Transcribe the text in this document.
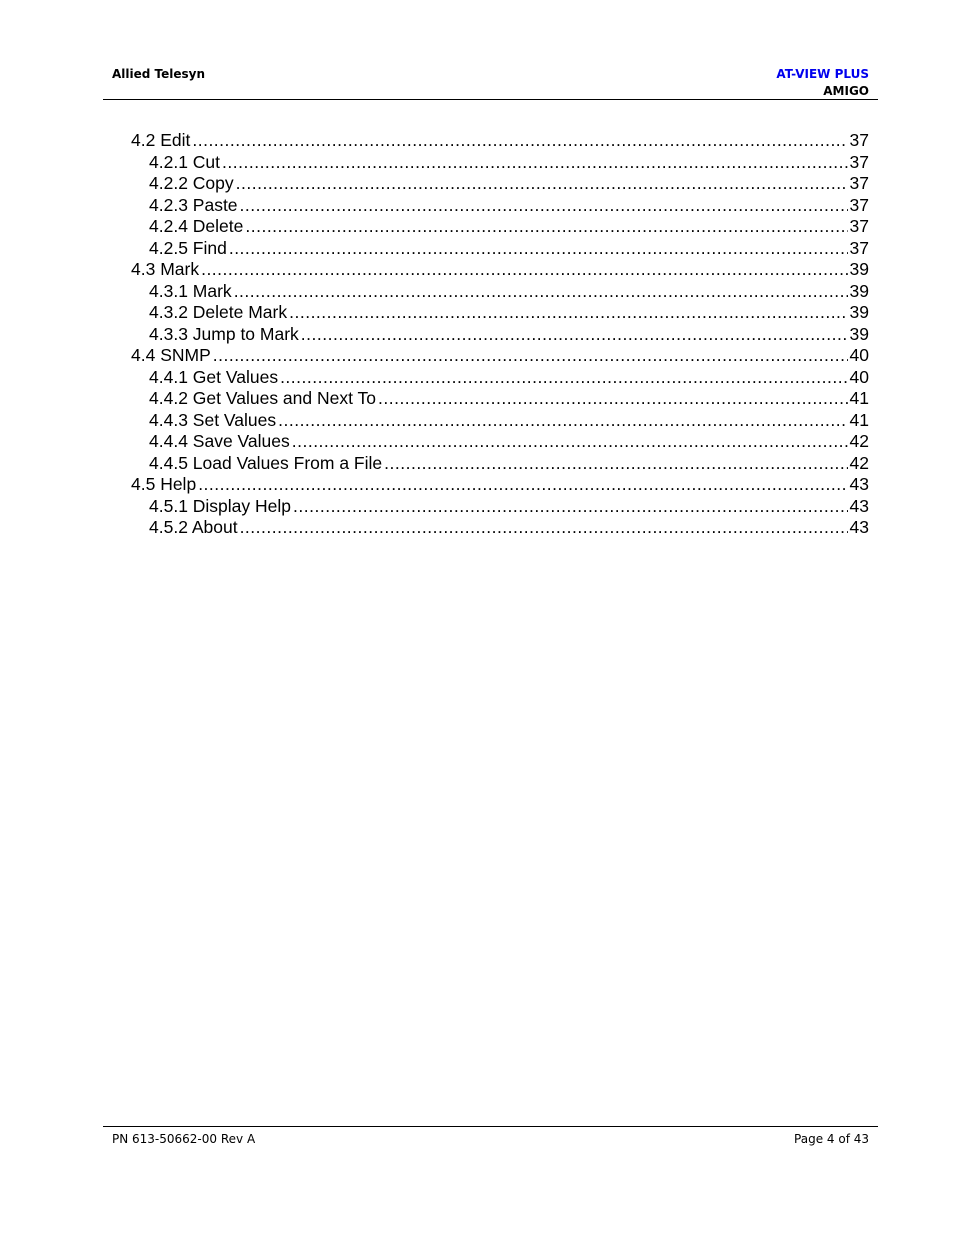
Allied Telesyn	AT-VIEW PLUS
AMIGO
4.2 Edit .....	37
4.2.1 Cut .....	37
4.2.2 Copy .....	37
4.2.3 Paste .....	37
4.2.4 Delete .....	37
4.2.5 Find .....	37
4.3 Mark .....	39
4.3.1 Mark .....	39
4.3.2 Delete Mark .....	39
4.3.3 Jump to Mark .....	39
4.4 SNMP .....	40
4.4.1 Get Values .....	40
4.4.2 Get Values and Next To .....	41
4.4.3 Set Values .....	41
4.4.4 Save Values .....	42
4.4.5 Load Values From a File .....	42
4.5 Help .....	43
4.5.1 Display Help .....	43
4.5.2 About .....	43
PN 613-50662-00 Rev A	Page 4 of 43
